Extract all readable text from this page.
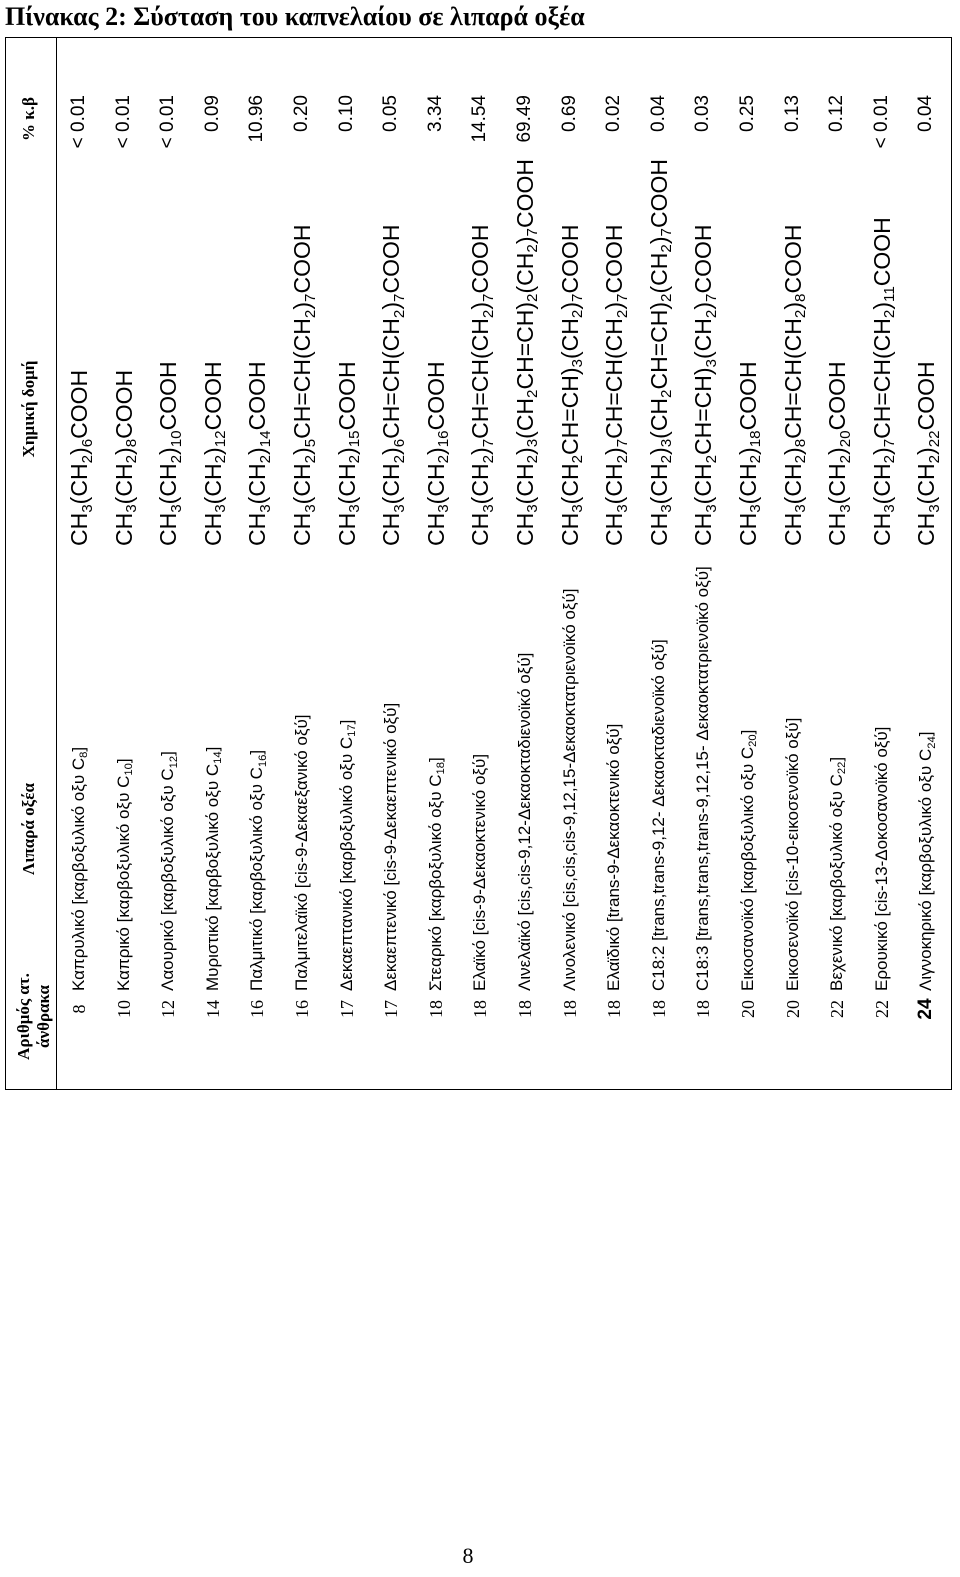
Πίνακας 2: Σύσταση του καπνελαίου σε λιπαρά οξέα
Αριθμός ατ. άνθρακα
Λιπαρά οξέα
Χημική δομή
% κ.β
8
Καπρυλικό [καρβοξυλικό οξυ $C_8$]
$CH_3(CH_2)_6COOH$
< 0.01
10
Καπρικό [καρβοξυλικό οξυ $C_{10}$]
$CH_3(CH_2)_8COOH$
< 0.01
12
Λαουρικό [καρβοξυλικό οξυ $C_{12}$]
$CH_3(CH_2)_{10}COOH$
< 0.01
14
Μυριστικό [καρβοξυλικό οξυ $C_{14}$]
$CH_3(CH_2)_{12}COOH$
0.09
16
Παλμιτικό [καρβοξυλικό οξυ $C_{16}$]
$CH_3(CH_2)_{14}COOH$
10.96
16
Παλμιτελαϊκό [cis-9-Δεκαεξανικό οξύ]
$CH_3(CH_2)_5CH=CH(CH_2)_7COOH$
0.20
17
Δεκαεπτανικό [καρβοξυλικό οξυ $C_{17}$]
$CH_3(CH_2)_{15}COOH$
0.10
17
Δεκαεπτενικό [cis-9-Δεκαεπτενικό οξύ]
$CH_3(CH_2)_6CH=CH(CH_2)_7COOH$
0.05
18
Στεαρικό [καρβοξυλικό οξυ $C_{18}$]
$CH_3(CH_2)_{16}COOH$
3.34
18
Ελαϊκό [cis-9-Δεκαοκτενικό οξύ]
$CH_3(CH_2)_7CH=CH(CH_2)_7COOH$
14.54
18
Λινελαϊκό [cis,cis-9,12-Δεκαοκταδιενοϊκό οξύ]
$CH_3(CH_2)_3(CH_2CH=CH)_2(CH_2)_7COOH$
69.49
18
Λινολενικό [cis,cis,cis-9,12,15-Δεκαοκτατριενοϊκό οξύ]
$CH_3(CH_2CH=CH)_3(CH_2)_7COOH$
0.69
18
Ελαϊδικό [trans-9-Δεκαοκτενικό οξύ]
$CH_3(CH_2)_7CH=CH(CH_2)_7COOH$
0.02
18
C18:2 [trans,trans-9,12- Δεκαοκταδιενοϊκό οξύ]
$CH_3(CH_2)_3(CH_2CH=CH)_2(CH_2)_7COOH$
0.04
18
C18:3 [trans,trans,trans-9,12,15- Δεκαοκτατριενοϊκό οξύ]
$CH_3(CH_2CH=CH)_3(CH_2)_7COOH$
0.03
20
Εικοσανοϊκό [καρβοξυλικό οξυ $C_{20}$]
$CH_3(CH_2)_{18}COOH$
0.25
20
Εικοσενοϊκό [cis-10-εικοσενοϊκό οξύ]
$CH_3(CH_2)_8CH=CH(CH_2)_8COOH$
0.13
22
Βεχενικό [καρβοξυλικό οξυ $C_{22}$]
$CH_3(CH_2)_{20}COOH$
0.12
22
Ερουκικό [cis-13-Δοκοσανοϊκό οξύ]
$CH_3(CH_2)_7CH=CH(CH_2)_{11}COOH$
< 0.01
24
Λιγνοκηρικό [καρβοξυλικό οξυ $C_{24}$]
$CH_3(CH_2)_{22}COOH$
0.04
8
